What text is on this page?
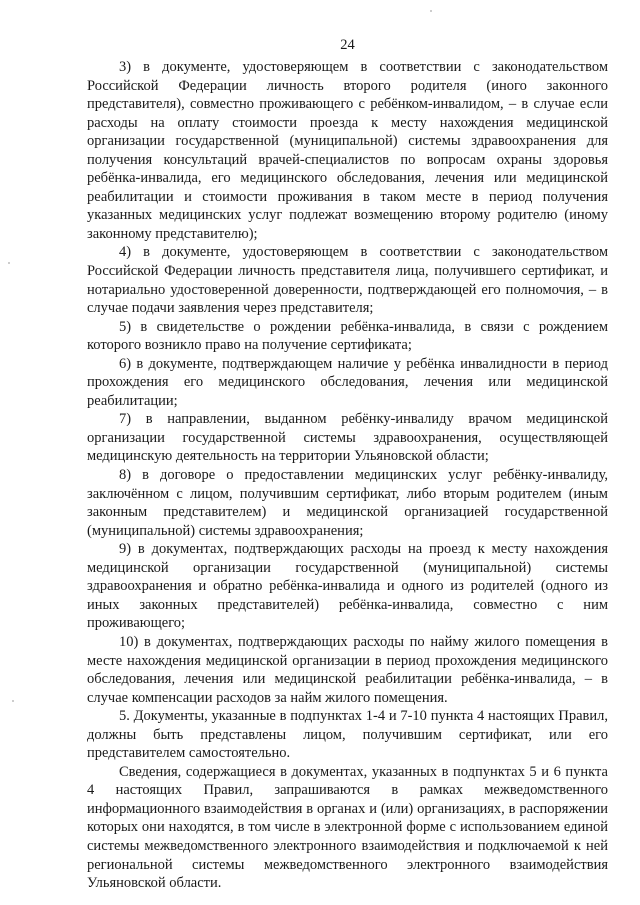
24

3) в документе, удостоверяющем в соответствии с законодательством Российской Федерации личность второго родителя (иного законного представителя), совместно проживающего с ребёнком-инвалидом, – в случае если расходы на оплату стоимости проезда к месту нахождения медицинской организации государственной (муниципальной) системы здравоохранения для получения консультаций врачей-специалистов по вопросам охраны здоровья ребёнка-инвалида, его медицинского обследования, лечения или медицинской реабилитации и стоимости проживания в таком месте в период получения указанных медицинских услуг подлежат возмещению второму родителю (иному законному представителю);

4) в документе, удостоверяющем в соответствии с законодательством Российской Федерации личность представителя лица, получившего сертификат, и нотариально удостоверенной доверенности, подтверждающей его полномочия, – в случае подачи заявления через представителя;

5) в свидетельстве о рождении ребёнка-инвалида, в связи с рождением которого возникло право на получение сертификата;

6) в документе, подтверждающем наличие у ребёнка инвалидности в период прохождения его медицинского обследования, лечения или медицинской реабилитации;

7) в направлении, выданном ребёнку-инвалиду врачом медицинской организации государственной системы здравоохранения, осуществляющей медицинскую деятельность на территории Ульяновской области;

8) в договоре о предоставлении медицинских услуг ребёнку-инвалиду, заключённом с лицом, получившим сертификат, либо вторым родителем (иным законным представителем) и медицинской организацией государственной (муниципальной) системы здравоохранения;

9) в документах, подтверждающих расходы на проезд к месту нахождения медицинской организации государственной (муниципальной) системы здравоохранения и обратно ребёнка-инвалида и одного из родителей (одного из иных законных представителей) ребёнка-инвалида, совместно с ним проживающего;

10) в документах, подтверждающих расходы по найму жилого помещения в месте нахождения медицинской организации в период прохождения медицинского обследования, лечения или медицинской реабилитации ребёнка-инвалида, – в случае компенсации расходов за найм жилого помещения.

5. Документы, указанные в подпунктах 1-4 и 7-10 пункта 4 настоящих Правил, должны быть представлены лицом, получившим сертификат, или его представителем самостоятельно.

Сведения, содержащиеся в документах, указанных в подпунктах 5 и 6 пункта 4 настоящих Правил, запрашиваются в рамках межведомственного информационного взаимодействия в органах и (или) организациях, в распоряжении которых они находятся, в том числе в электронной форме с использованием единой системы межведомственного электронного взаимодействия и подключаемой к ней региональной системы межведомственного электронного взаимодействия Ульяновской области.
